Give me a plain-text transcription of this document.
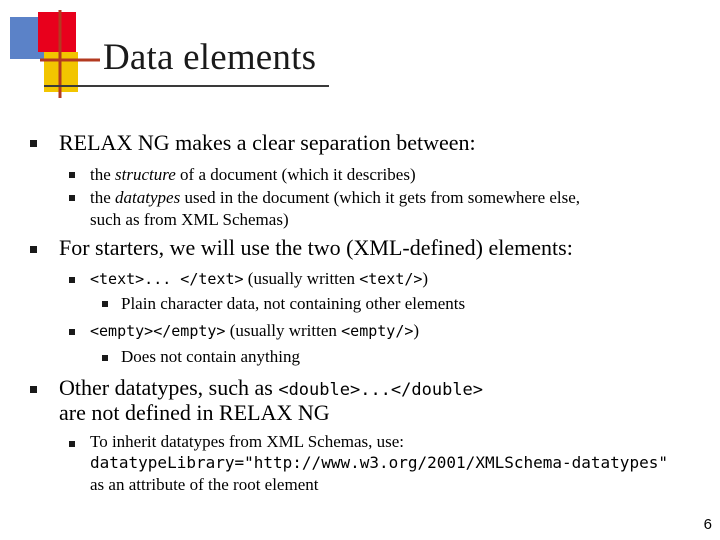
Data elements
RELAX NG makes a clear separation between:
the structure of a document (which it describes)
the datatypes used in the document (which it gets from somewhere else,
such as from XML Schemas)
For starters, we will use the two (XML-defined) elements:
<text>... </text> (usually written <text/>)
Plain character data, not containing other elements
<empty></empty> (usually written <empty/>)
Does not contain anything
Other datatypes, such as <double>...</double>
are not defined in RELAX NG
To inherit datatypes from XML Schemas, use:
datatypeLibrary="http://www.w3.org/2001/XMLSchema-datatypes"
as an attribute of the root element
6
